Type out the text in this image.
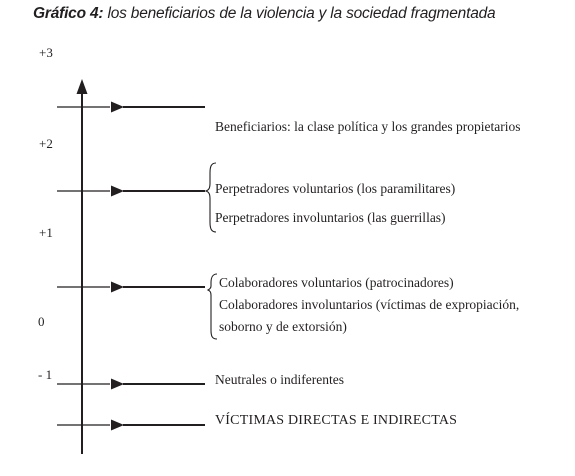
Gráfico 4: los beneficiarios de la violencia y la sociedad fragmentada
+3
+2
+1
0
- 1
Beneficiarios: la clase política y los grandes propietarios
Perpetradores voluntarios (los paramilitares)
Perpetradores involuntarios (las guerrillas)
Colaboradores voluntarios (patrocinadores)
Colaboradores involuntarios (víctimas de expropiación,
soborno y de extorsión)
Neutrales o indiferentes
VÍCTIMAS DIRECTAS E INDIRECTAS
